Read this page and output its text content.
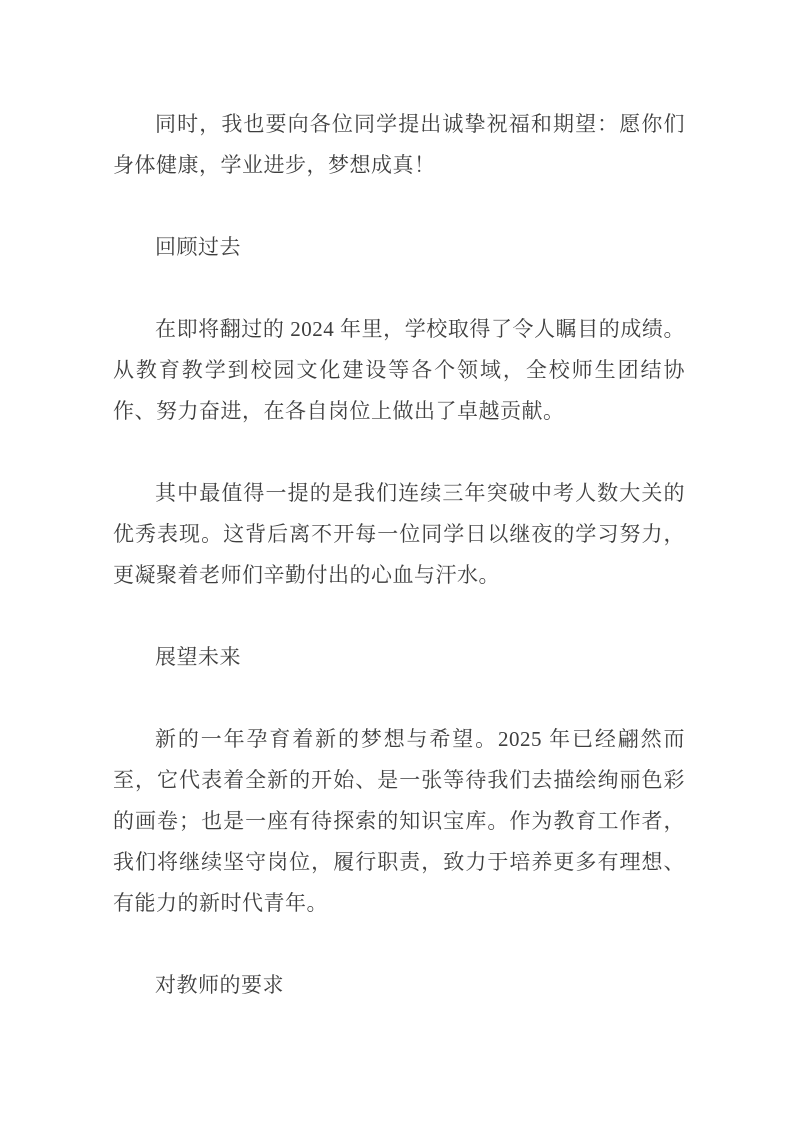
同时，我也要向各位同学提出诚挚祝福和期望：愿你们身体健康，学业进步，梦想成真！

回顾过去

在即将翻过的 2024 年里，学校取得了令人瞩目的成绩。从教育教学到校园文化建设等各个领域，全校师生团结协作、努力奋进，在各自岗位上做出了卓越贡献。

其中最值得一提的是我们连续三年突破中考人数大关的优秀表现。这背后离不开每一位同学日以继夜的学习努力，更凝聚着老师们辛勤付出的心血与汗水。

展望未来

新的一年孕育着新的梦想与希望。2025 年已经翩然而至，它代表着全新的开始、是一张等待我们去描绘绚丽色彩的画卷；也是一座有待探索的知识宝库。作为教育工作者，我们将继续坚守岗位，履行职责，致力于培养更多有理想、有能力的新时代青年。

对教师的要求
